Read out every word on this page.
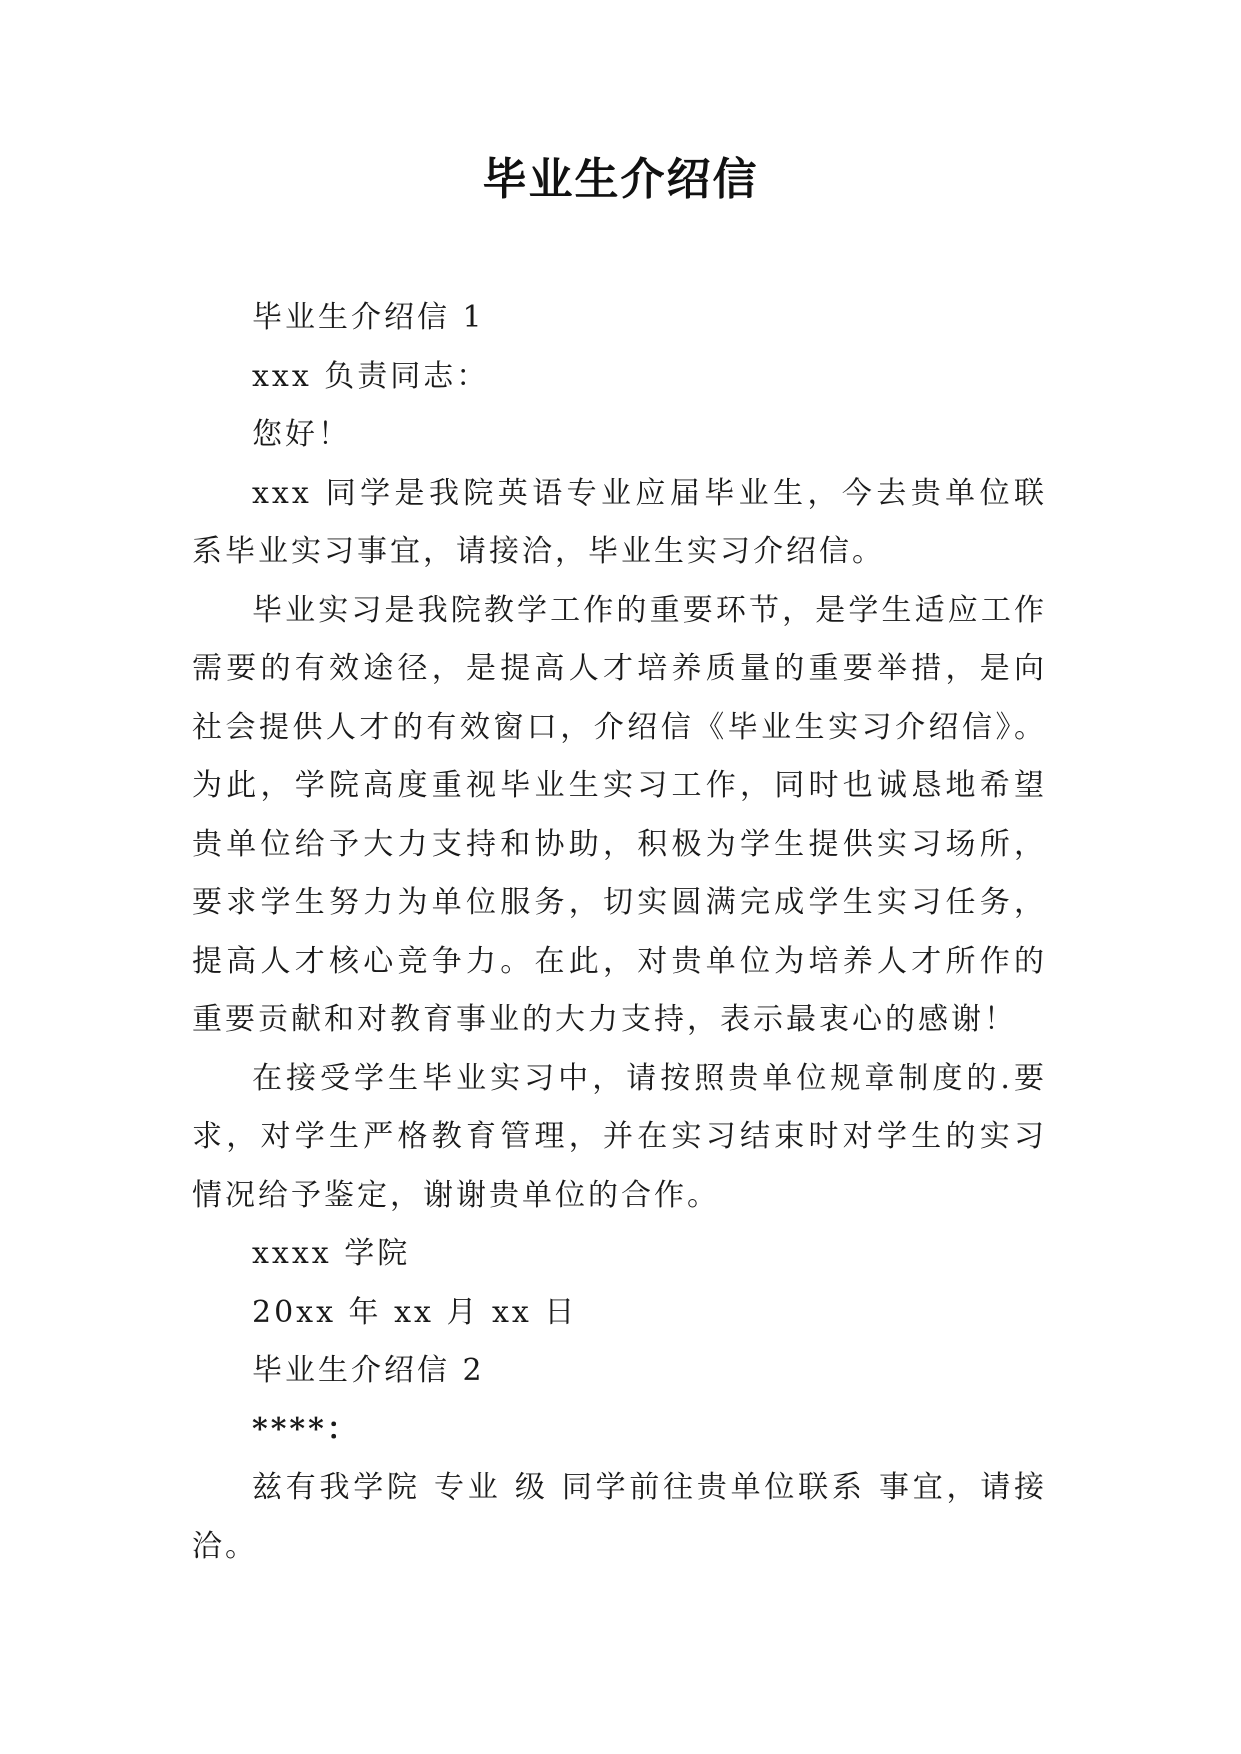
毕业生介绍信

毕业生介绍信 1

xxx 负责同志：

您好！

xxx 同学是我院英语专业应届毕业生，今去贵单位联系毕业实习事宜，请接洽，毕业生实习介绍信。

毕业实习是我院教学工作的重要环节，是学生适应工作需要的有效途径，是提高人才培养质量的重要举措，是向社会提供人才的有效窗口，介绍信《毕业生实习介绍信》。为此，学院高度重视毕业生实习工作，同时也诚恳地希望贵单位给予大力支持和协助，积极为学生提供实习场所，要求学生努力为单位服务，切实圆满完成学生实习任务，提高人才核心竞争力。在此，对贵单位为培养人才所作的重要贡献和对教育事业的大力支持，表示最衷心的感谢！

在接受学生毕业实习中，请按照贵单位规章制度的.要求，对学生严格教育管理，并在实习结束时对学生的实习情况给予鉴定，谢谢贵单位的合作。

xxxx 学院

20xx 年 xx 月 xx 日

毕业生介绍信 2

****：

兹有我学院 专业 级 同学前往贵单位联系 事宜，请接洽。
